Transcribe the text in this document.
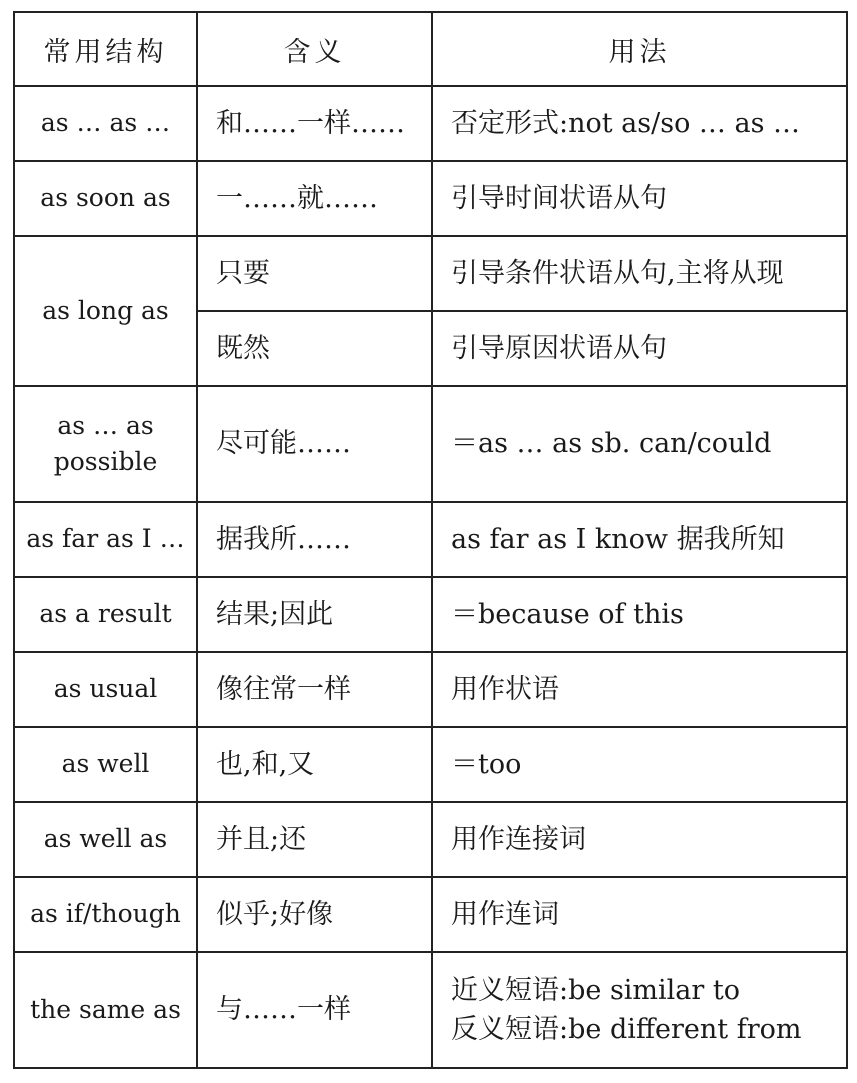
常用结构	含义	用法
as … as …	和……一样……	否定形式:not as/so … as …
as soon as	一……就……	引导时间状语从句
as long as	只要	引导条件状语从句,主将从现
	既然	引导原因状语从句
as … as possible	尽可能……	＝as … as sb. can/could
as far as I …	据我所……	as far as I know 据我所知
as a result	结果;因此	＝because of this
as usual	像往常一样	用作状语
as well	也,和,又	＝too
as well as	并且;还	用作连接词
as if/though	似乎;好像	用作连词
the same as	与……一样	近义短语:be similar to
反义短语:be different from
